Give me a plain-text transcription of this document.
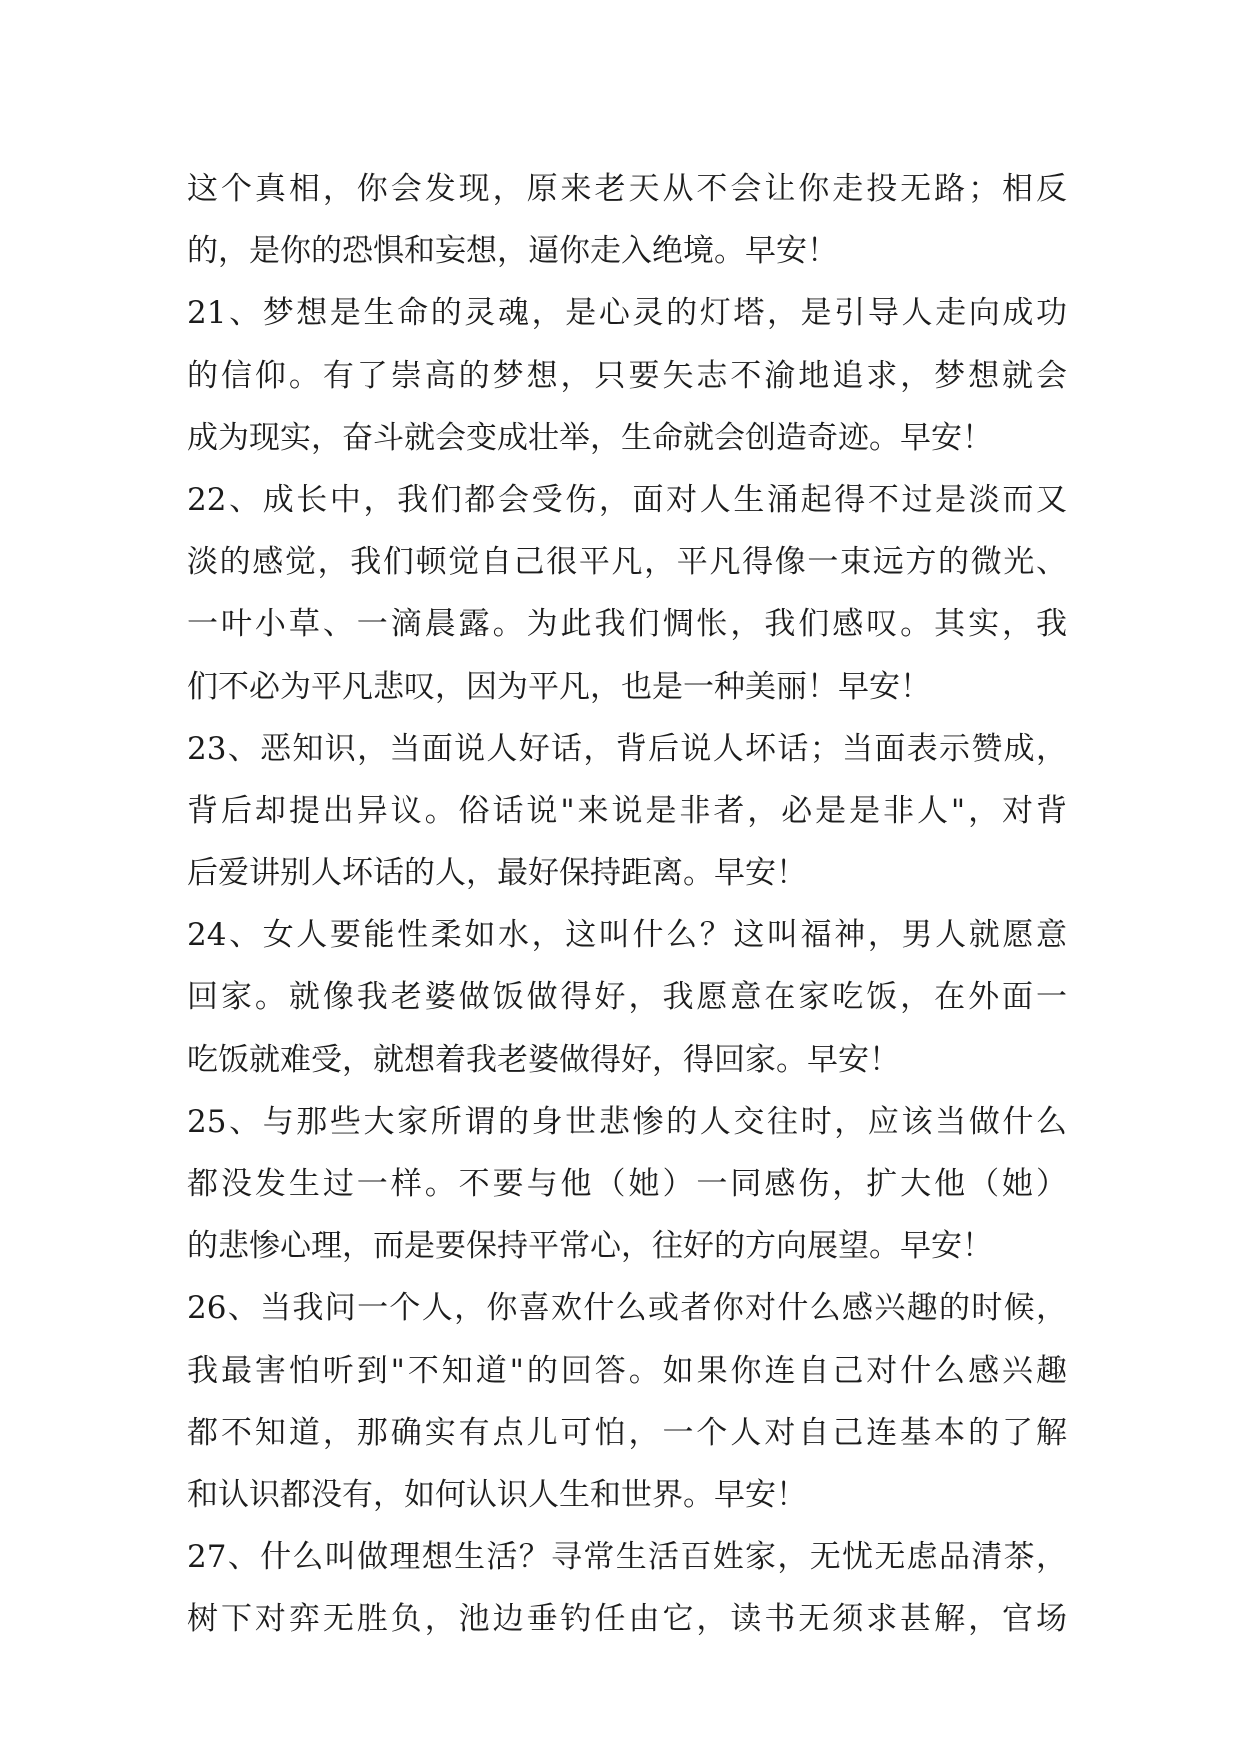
这个真相，你会发现，原来老天从不会让你走投无路；相反
的，是你的恐惧和妄想，逼你走入绝境。早安！
21、梦想是生命的灵魂，是心灵的灯塔，是引导人走向成功
的信仰。有了崇高的梦想，只要矢志不渝地追求，梦想就会
成为现实，奋斗就会变成壮举，生命就会创造奇迹。早安！
22、成长中，我们都会受伤，面对人生涌起得不过是淡而又
淡的感觉，我们顿觉自己很平凡，平凡得像一束远方的微光、
一叶小草、一滴晨露。为此我们惆怅，我们感叹。其实，我
们不必为平凡悲叹，因为平凡，也是一种美丽！早安！
23、恶知识，当面说人好话，背后说人坏话；当面表示赞成，
背后却提出异议。俗话说"来说是非者，必是是非人"，对背
后爱讲别人坏话的人，最好保持距离。早安！
24、女人要能性柔如水，这叫什么？这叫福神，男人就愿意
回家。就像我老婆做饭做得好，我愿意在家吃饭，在外面一
吃饭就难受，就想着我老婆做得好，得回家。早安！
25、与那些大家所谓的身世悲惨的人交往时，应该当做什么
都没发生过一样。不要与他（她）一同感伤，扩大他（她）
的悲惨心理，而是要保持平常心，往好的方向展望。早安！
26、当我问一个人，你喜欢什么或者你对什么感兴趣的时候，
我最害怕听到"不知道"的回答。如果你连自己对什么感兴趣
都不知道，那确实有点儿可怕，一个人对自己连基本的了解
和认识都没有，如何认识人生和世界。早安！
27、什么叫做理想生活？寻常生活百姓家，无忧无虑品清茶，
树下对弈无胜负，池边垂钓任由它，读书无须求甚解，官场
